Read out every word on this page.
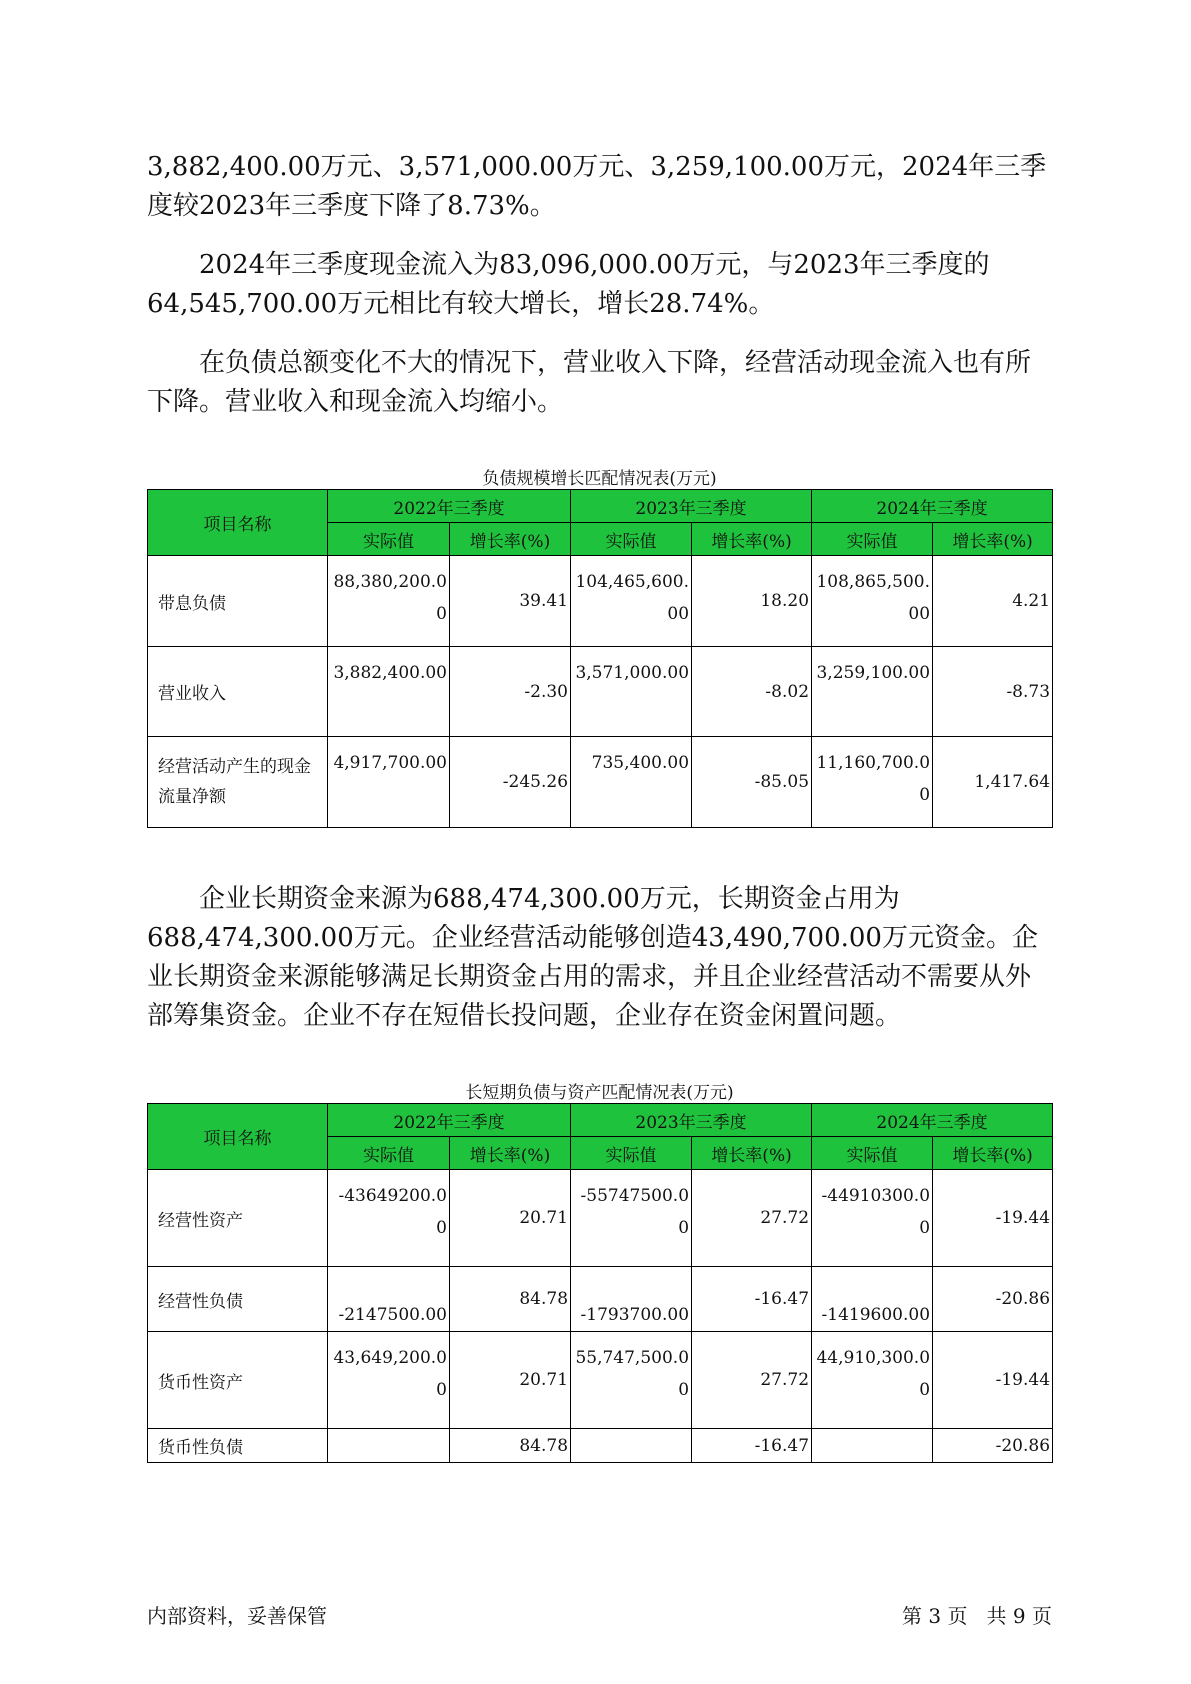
3,882,400.00万元、3,571,000.00万元、3,259,100.00万元，2024年三季度较2023年三季度下降了8.73%。

2024年三季度现金流入为83,096,000.00万元，与2023年三季度的64,545,700.00万元相比有较大增长，增长28.74%。

在负债总额变化不大的情况下，营业收入下降，经营活动现金流入也有所下降。营业收入和现金流入均缩小。

负债规模增长匹配情况表(万元)
项目名称	2022年三季度		2023年三季度		2024年三季度	
	实际值	增长率(%)	实际值	增长率(%)	实际值	增长率(%)
带息负债	88,380,200.00	39.41	104,465,600.00	18.20	108,865,500.00	4.21
营业收入	3,882,400.00	-2.30	3,571,000.00	-8.02	3,259,100.00	-8.73
经营活动产生的现金流量净额	4,917,700.00	-245.26	735,400.00	-85.05	11,160,700.00	1,417.64

企业长期资金来源为688,474,300.00万元，长期资金占用为688,474,300.00万元。企业经营活动能够创造43,490,700.00万元资金。企业长期资金来源能够满足长期资金占用的需求，并且企业经营活动不需要从外部筹集资金。企业不存在短借长投问题，企业存在资金闲置问题。

长短期负债与资产匹配情况表(万元)
项目名称	2022年三季度		2023年三季度		2024年三季度	
	实际值	增长率(%)	实际值	增长率(%)	实际值	增长率(%)
经营性资产	-43649200.00	20.71	-55747500.00	27.72	-44910300.00	-19.44
经营性负债	-2147500.00	84.78	-1793700.00	-16.47	-1419600.00	-20.86
货币性资产	43,649,200.00	20.71	55,747,500.00	27.72	44,910,300.00	-19.44
货币性负债		84.78		-16.47		-20.86
内部资料，妥善保管	第 3 页   共 9 页
